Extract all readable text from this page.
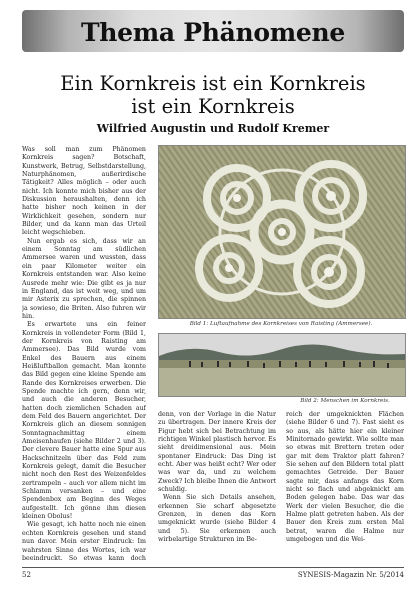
Thema Phänomene
Ein Kornkreis ist ein Kornkreis
ist ein Kornkreis
Wilfried Augustin und Rudolf Kremer

Was soll man zum Phänomen Kornkreis sagen? Botschaft, Kunstwerk, Betrug, Selbstdarstellung, Naturphänomen, außerirdische Tätigkeit? Alles möglich – oder auch nicht. Ich konnte mich bisher aus der Diskussion heraushalten, denn ich hatte bisher noch keinen in der Wirklichkeit gesehen, sondern nur Bilder, und da kann man das Urteil leicht wegschieben.

Nun ergab es sich, dass wir an einem Sonntag am südlichen Ammersee waren und wussten, dass ein paar Kilometer weiter ein Kornkreis entstanden war. Also keine Ausrede mehr wie: Die gibt es ja nur in England, das ist weit weg, und um mir Asterix zu sprechen, die spinnen ja sowieso, die Briten. Also fuhren wir hin.

Es erwartete uns ein feiner Kornkreis in vollendeter Form (Bild 1, der Kornkreis von Raisting am Ammersee). Das Bild wurde vom Enkel des Bauern aus einem Heißluftballon gemacht. Man konnte das Bild gegen eine kleine Spende am Rande des Kornkreises erwerben. Die Spende machte ich gern, denn wir, und auch die anderen Besucher, hatten doch ziemlichen Schaden auf dem Feld des Bauern angerichtet. Der Kornkreis glich an diesem sonnigen Sonntagnachmittag einem Ameisenhaufen (siehe Bilder 2 und 3). Der clevere Bauer hatte eine Spur aus Hackschnitzeln über das Feld zum Kornkreis gelegt, damit die Besucher nicht noch den Rest des Weizenfeldes zertrampeln – auch vor allem nicht im Schlamm versanken – und eine Spendenbox am Beginn des Weges aufgestellt. Ich gönne ihm diesen kleinen Obolus!

Wie gesagt, ich hatte noch nie einen echten Kornkreis gesehen und stand nun davor. Mein erster Eindruck: Im wahrsten Sinne des Wortes, ich war beeindruckt. So etwas kann doch

Bild 1: Luftaufnahme des Kornkreises von Raisting (Ammersee).

denn, von der Vorlage in die Natur zu übertragen. Der innere Kreis der Figur hebt sich bei Betrachtung im richtigen Winkel plastisch hervor. Es sieht dreidimensional aus. Mein spontaner Eindruck: Das Ding ist echt. Aber was heißt echt? Wer oder was war da, und zu welchem Zweck? Ich bleibe Ihnen die Antwort schuldig.

Wenn Sie sich Details ansehen, erkennen Sie scharf abgesetzte Grenzen, in denen das Korn umgeknickt wurde (siehe Bilder 4 und 5). Sie erkennen auch wirbelartige Strukturen im Be-

Bild 2: Menschen im Kornkreis.

reich der umgeknickten Flächen (siehe Bilder 6 und 7). Fast sieht es so aus, als hätte hier ein kleiner Minitornado gewirkt. Wie sollte man so etwas mit Brettern treten oder gar mit dem Traktor platt fahren? Sie sehen auf den Bildern total platt gemachtes Getreide. Der Bauer sagte mir, dass anfangs das Korn nicht so flach und abgeknickt am Boden gelegen habe. Das war das Werk der vielen Besucher, die die Halme platt getreten haben. Als der Bauer den Kreis zum ersten Mal betrat, waren die Halme nur umgebogen und die Wei-

52	SYNESIS-Magazin Nr. 5/2014
